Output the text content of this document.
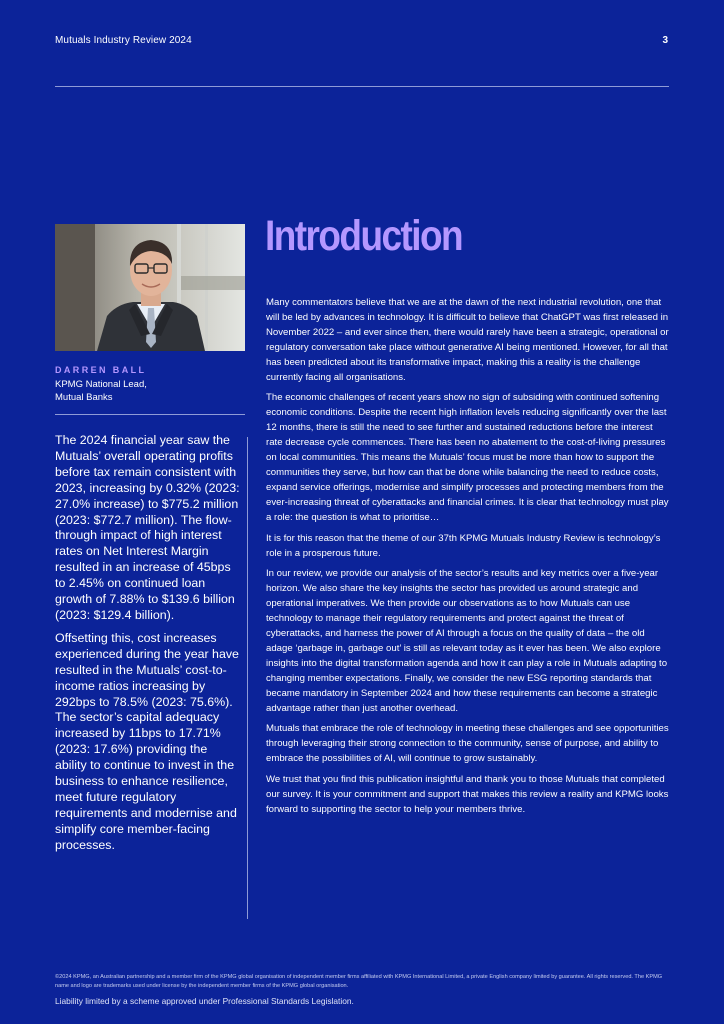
Mutuals Industry Review 2024	3
DARREN BALL
KPMG National Lead,
Mutual Banks

The 2024 financial year saw the Mutuals’ overall operating profits before tax remain consistent with 2023, increasing by 0.32% (2023: 27.0% increase) to $775.2 million (2023: $772.7 million). The flow-through impact of high interest rates on Net Interest Margin resulted in an increase of 45bps to 2.45% on continued loan growth of 7.88% to $139.6 billion (2023: $129.4 billion).

Offsetting this, cost increases experienced during the year have resulted in the Mutuals’ cost-to-income ratios increasing by 292bps to 78.5% (2023: 75.6%). The sector’s capital adequacy increased by 11bps to 17.71% (2023: 17.6%) providing the ability to continue to invest in the business to enhance resilience, meet future regulatory requirements and modernise and simplify core member-facing processes.

Introduction

Many commentators believe that we are at the dawn of the next industrial revolution, one that will be led by advances in technology. It is difficult to believe that ChatGPT was first released in November 2022 – and ever since then, there would rarely have been a strategic, operational or regulatory conversation take place without generative AI being mentioned. However, for all that has been predicted about its transformative impact, making this a reality is the challenge currently facing all organisations.

The economic challenges of recent years show no sign of subsiding with continued softening economic conditions. Despite the recent high inflation levels reducing significantly over the last 12 months, there is still the need to see further and sustained reductions before the interest rate decrease cycle commences. There has been no abatement to the cost-of-living pressures on local communities. This means the Mutuals’ focus must be more than how to support the communities they serve, but how can that be done while balancing the need to reduce costs, expand service offerings, modernise and simplify processes and protecting members from the ever-increasing threat of cyberattacks and financial crimes. It is clear that technology must play a role: the question is what to prioritise…

It is for this reason that the theme of our 37th KPMG Mutuals Industry Review is technology’s role in a prosperous future.

In our review, we provide our analysis of the sector’s results and key metrics over a five-year horizon. We also share the key insights the sector has provided us around strategic and operational imperatives. We then provide our observations as to how Mutuals can use technology to manage their regulatory requirements and protect against the threat of cyberattacks, and harness the power of AI through a focus on the quality of data – the old adage ‘garbage in, garbage out’ is still as relevant today as it ever has been. We also explore insights into the digital transformation agenda and how it can play a role in Mutuals adapting to changing member expectations. Finally, we consider the new ESG reporting standards that became mandatory in September 2024 and how these requirements can become a strategic advantage rather than just another overhead.

Mutuals that embrace the role of technology in meeting these challenges and see opportunities through leveraging their strong connection to the community, sense of purpose, and ability to embrace the possibilities of AI, will continue to grow sustainably.

We trust that you find this publication insightful and thank you to those Mutuals that completed our survey. It is your commitment and support that makes this review a reality and KPMG looks forward to supporting the sector to help your members thrive.

©2024 KPMG, an Australian partnership and a member firm of the KPMG global organisation of independent member firms affiliated with KPMG International Limited, a private English company limited by guarantee. All rights reserved. The KPMG name and logo are trademarks used under license by the independent member firms of the KPMG global organisation.
Liability limited by a scheme approved under Professional Standards Legislation.
